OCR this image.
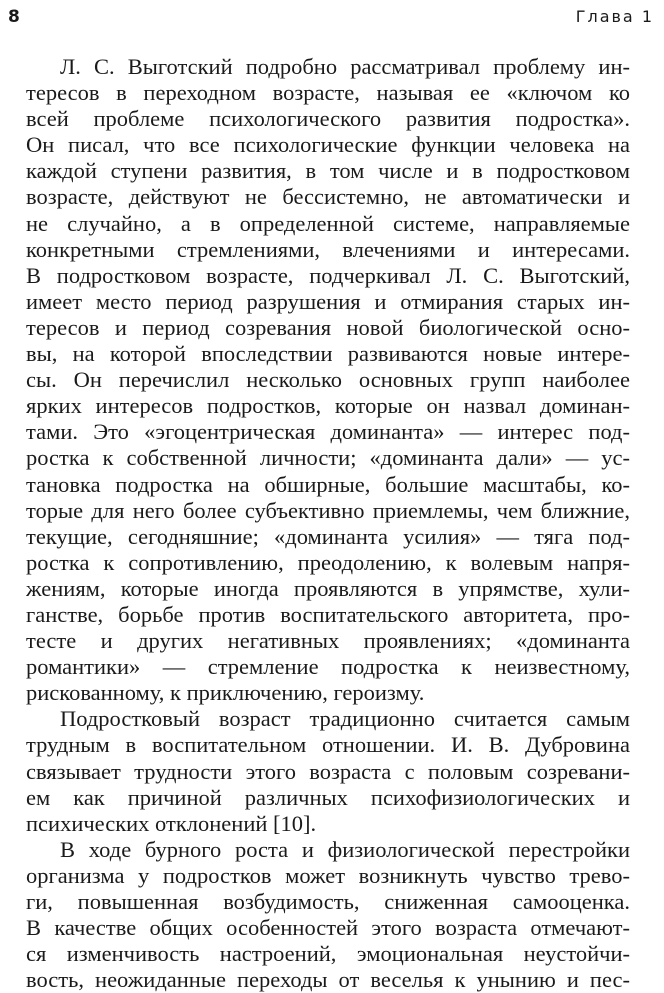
8	Глава 1
Л. С. Выготский подробно рассматривал проблему ин-
тересов в переходном возрасте, называя ее «ключом ко
всей проблеме психологического развития подростка».
Он писал, что все психологические функции человека на
каждой ступени развития, в том числе и в подростковом
возрасте, действуют не бессистемно, не автоматически и
не случайно, а в определенной системе, направляемые
конкретными стремлениями, влечениями и интересами.
В подростковом возрасте, подчеркивал Л. С. Выготский,
имеет место период разрушения и отмирания старых ин-
тересов и период созревания новой биологической осно-
вы, на которой впоследствии развиваются новые интере-
сы. Он перечислил несколько основных групп наиболее
ярких интересов подростков, которые он назвал доминан-
тами. Это «эгоцентрическая доминанта» — интерес под-
ростка к собственной личности; «доминанта дали» — ус-
тановка подростка на обширные, большие масштабы, ко-
торые для него более субъективно приемлемы, чем ближние,
текущие, сегодняшние; «доминанта усилия» — тяга под-
ростка к сопротивлению, преодолению, к волевым напря-
жениям, которые иногда проявляются в упрямстве, хули-
ганстве, борьбе против воспитательского авторитета, про-
тесте и других негативных проявлениях; «доминанта
романтики» — стремление подростка к неизвестному,
рискованному, к приключению, героизму.
Подростковый возраст традиционно считается самым
трудным в воспитательном отношении. И. В. Дубровина
связывает трудности этого возраста с половым созревани-
ем как причиной различных психофизиологических и
психических отклонений [10].
В ходе бурного роста и физиологической перестройки
организма у подростков может возникнуть чувство трево-
ги, повышенная возбудимость, сниженная самооценка.
В качестве общих особенностей этого возраста отмечают-
ся изменчивость настроений, эмоциональная неустойчи-
вость, неожиданные переходы от веселья к унынию и пес-
